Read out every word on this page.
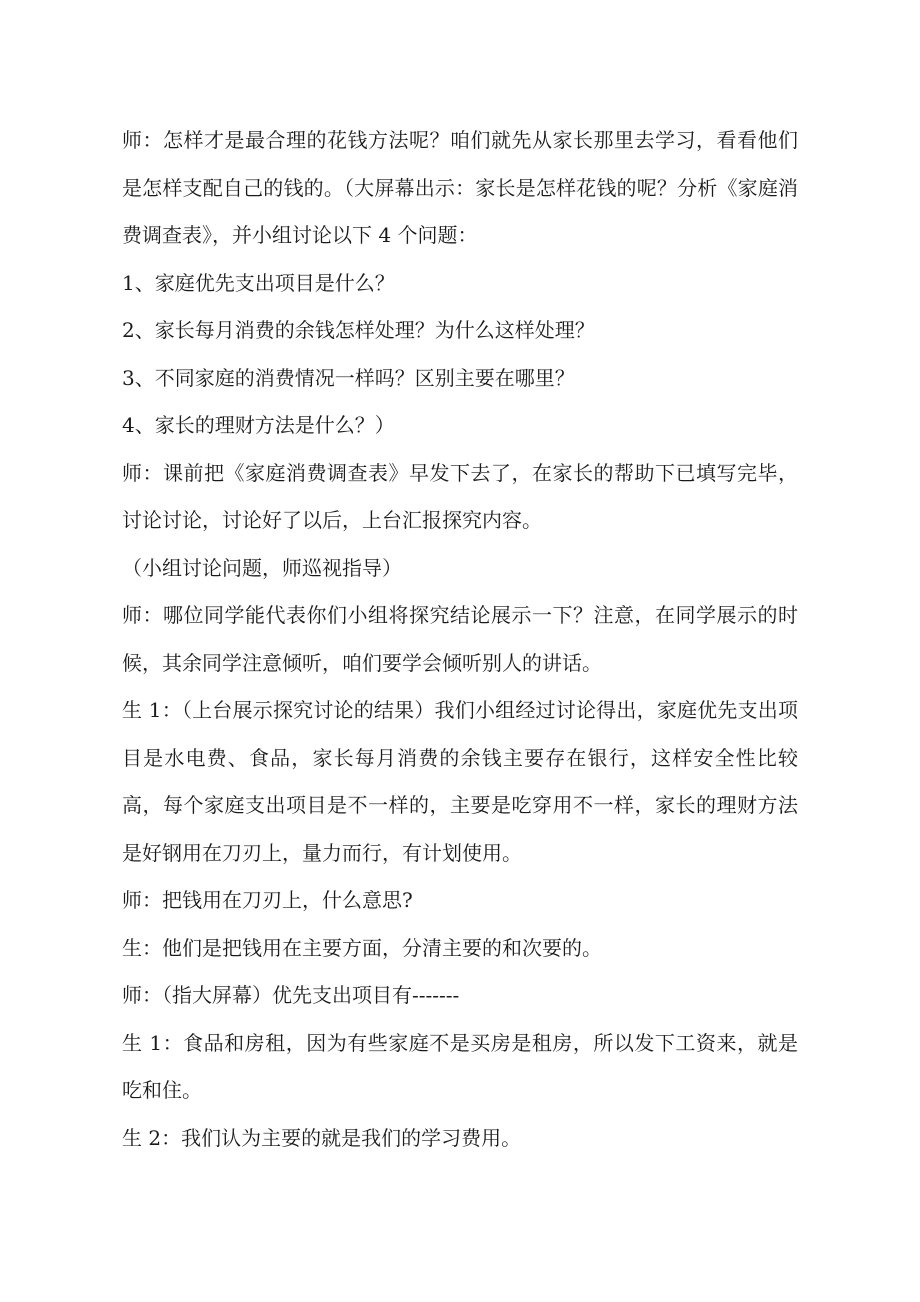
师：怎样才是最合理的花钱方法呢？咱们就先从家长那里去学习，看看他们是怎样支配自己的钱的。（大屏幕出示：家长是怎样花钱的呢？分析《家庭消费调查表》，并小组讨论以下 4 个问题：

1、家庭优先支出项目是什么？

2、家长每月消费的余钱怎样处理？为什么这样处理？

3、不同家庭的消费情况一样吗？区别主要在哪里？

4、家长的理财方法是什么？）

师：课前把《家庭消费调查表》早发下去了，在家长的帮助下已填写完毕，讨论讨论，讨论好了以后，上台汇报探究内容。

（小组讨论问题，师巡视指导）

师：哪位同学能代表你们小组将探究结论展示一下？注意，在同学展示的时候，其余同学注意倾听，咱们要学会倾听别人的讲话。

生 1：（上台展示探究讨论的结果）我们小组经过讨论得出，家庭优先支出项目是水电费、食品，家长每月消费的余钱主要存在银行，这样安全性比较高，每个家庭支出项目是不一样的，主要是吃穿用不一样，家长的理财方法是好钢用在刀刃上，量力而行，有计划使用。

师：把钱用在刀刃上，什么意思?

生：他们是把钱用在主要方面，分清主要的和次要的。

师：（指大屏幕）优先支出项目有-------

生 1：食品和房租，因为有些家庭不是买房是租房，所以发下工资来，就是吃和住。

生 2：我们认为主要的就是我们的学习费用。
